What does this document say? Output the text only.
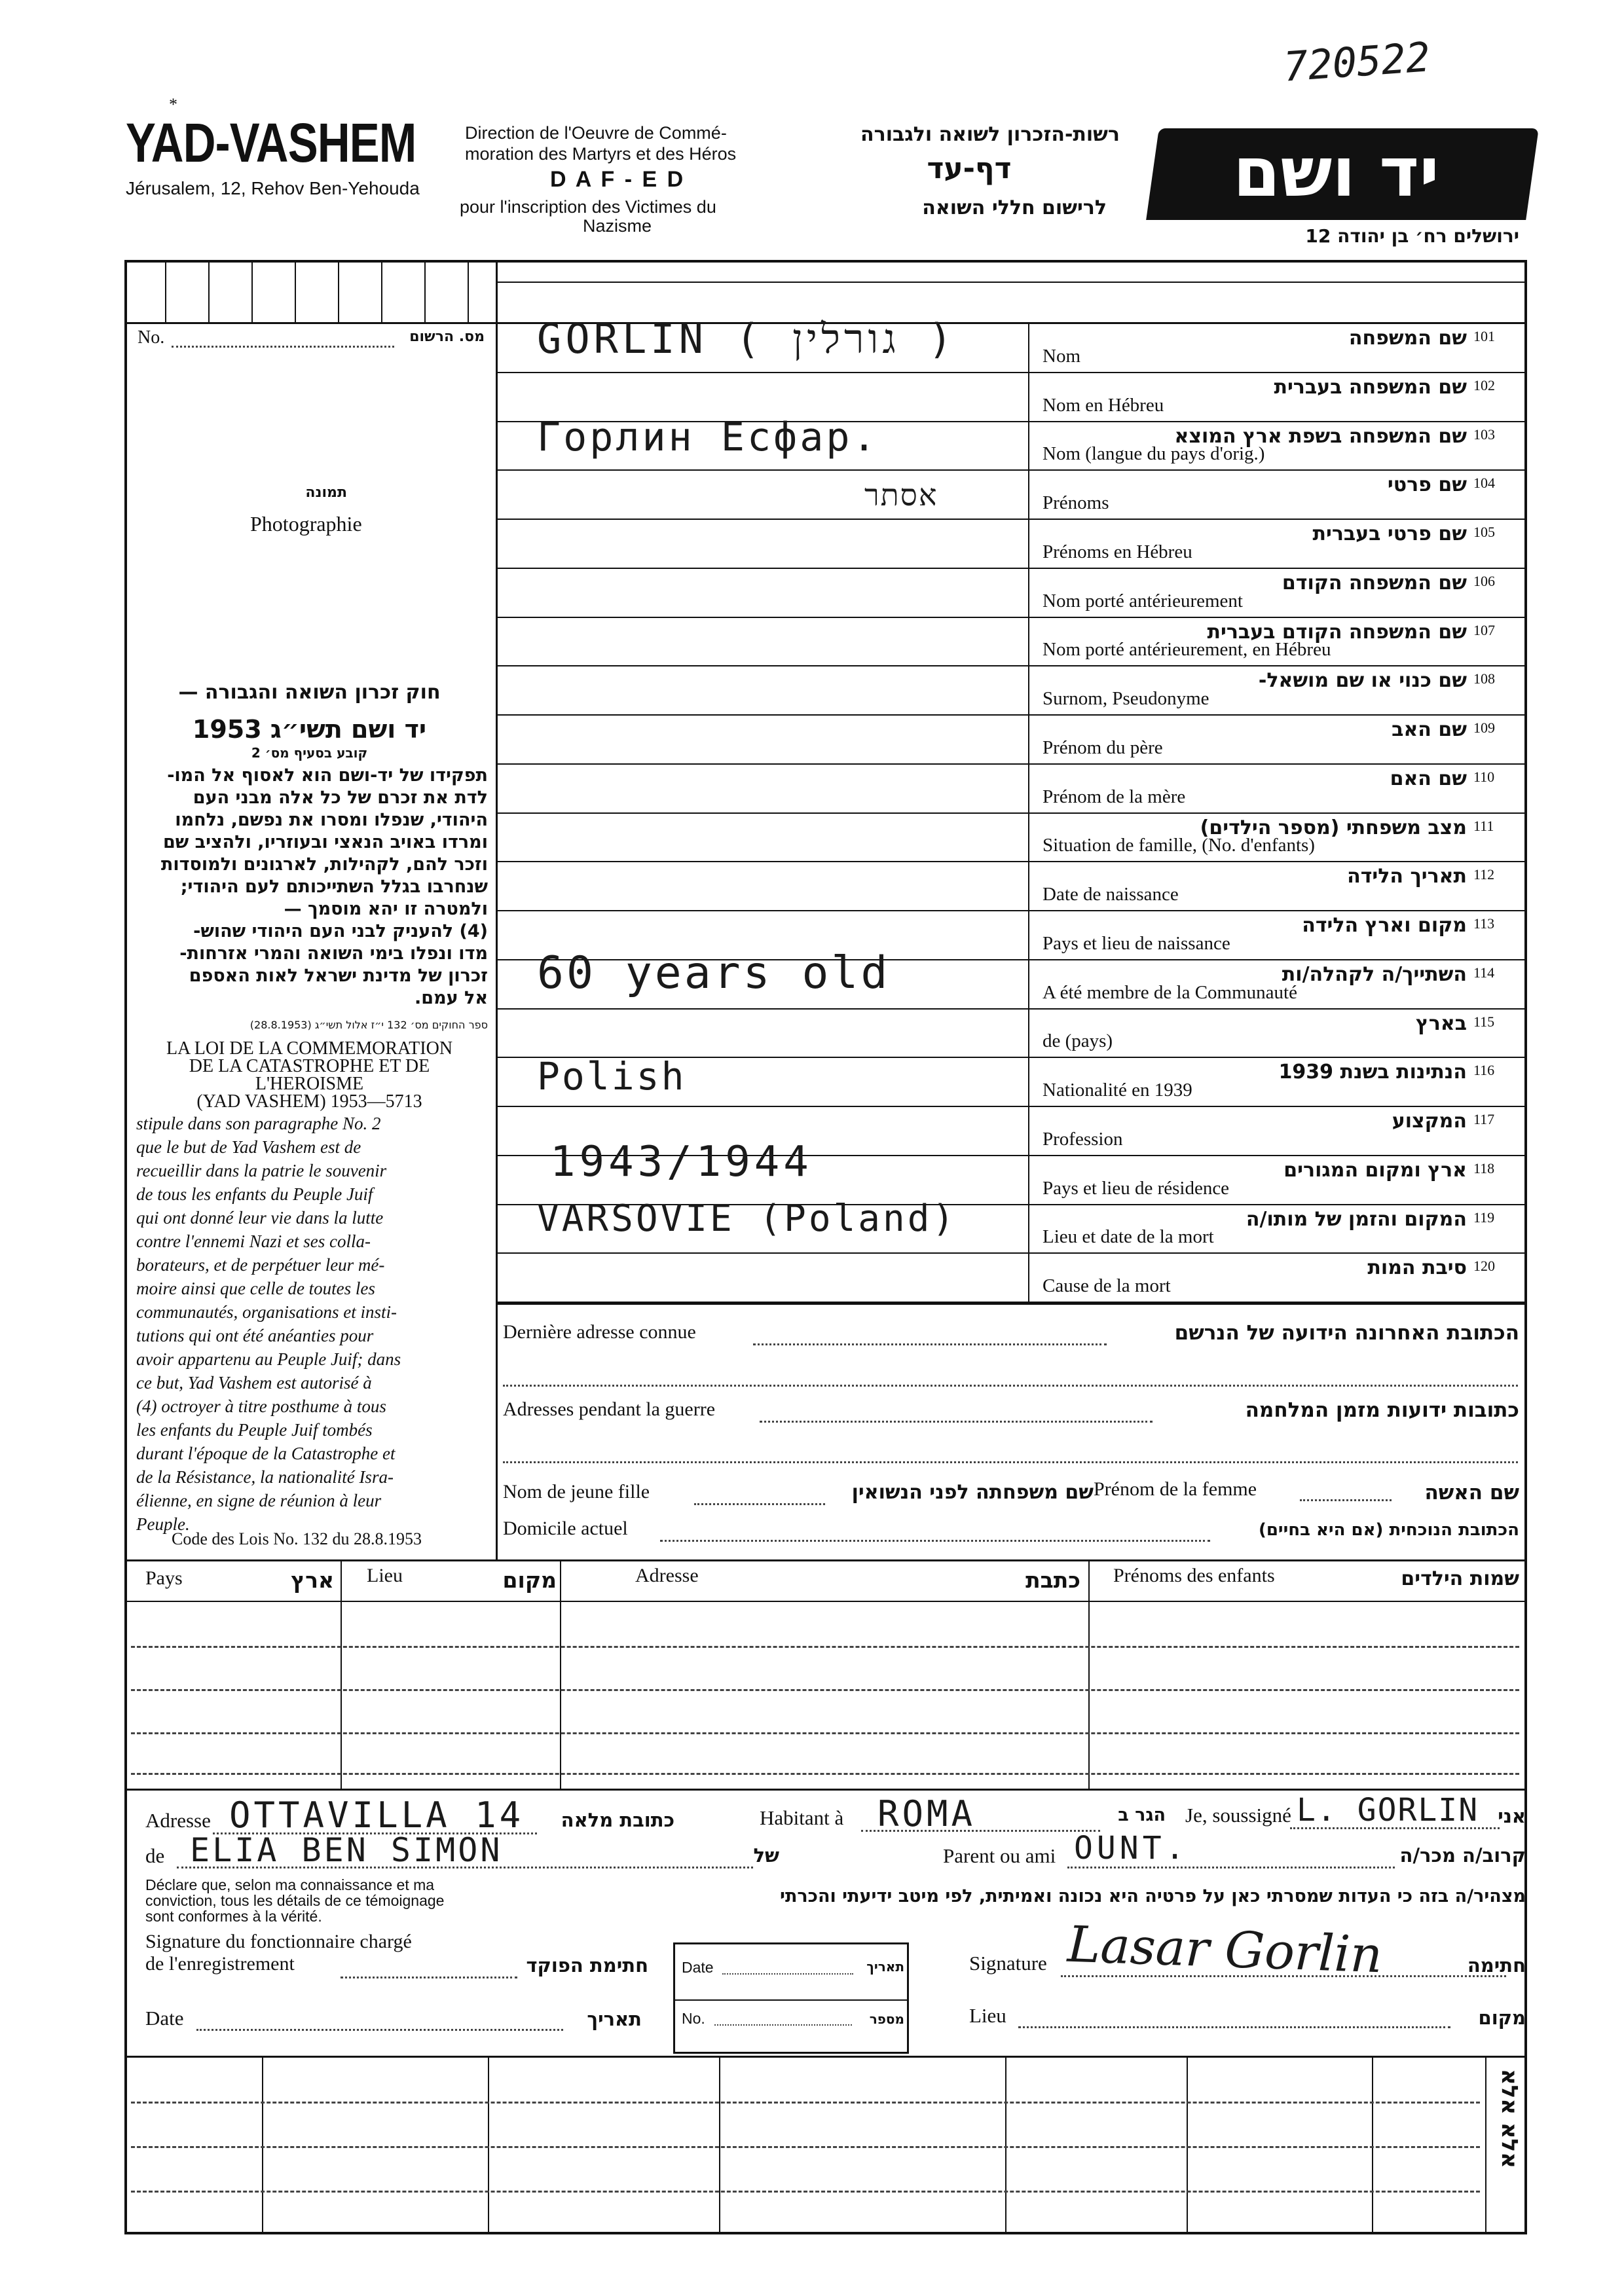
720522
*
YAD-VASHEM
Jérusalem, 12, Rehov Ben-Yehouda
Direction de l'Oeuvre de Commé-
moration des Martyrs et des Héros
D A F - E D
pour l'inscription des Victimes du
Nazisme
רשות-הזכרון לשואה ולגבורה
דף-עד
לרישום חללי השואה	יד ושם
ירושלים רח׳ בן יהודה 12
No.	מס. הרשום
תמונה
Photographie
חוק זכרון השואה והגבורה —
יד ושם תשי״ג 1953
קובע בסעיף מס׳ 2
תפקידו של יד-ושם הוא לאסוף אל המו-
לדת את זכרם של כל אלה מבני העם
היהודי, שנפלו ומסרו את נפשם, נלחמו
ומרדו באויב הנאצי ובעוזריו, ולהציב שם
וזכר להם, לקהילות, לארגונים ולמוסדות
שנחרבו בגלל השתייכותם לעם היהודי;
ולמטרה זו יהא מוסמך —
(4) להעניק לבני העם היהודי שהוש-
מדו ונפלו בימי השואה והמרי אזרחות-
זכרון של מדינת ישראל לאות האספם
אל עמם.
ספר החוקים מס׳ 132 י״ז אלול תשי״ג (28.8.1953)
LA LOI DE LA COMMEMORATION
DE LA CATASTROPHE ET DE
L'HEROISME
(YAD VASHEM) 1953—5713
stipule dans son paragraphe No. 2
que le but de Yad Vashem est de
recueillir dans la patrie le souvenir
de tous les enfants du Peuple Juif
qui ont donné leur vie dans la lutte
contre l'ennemi Nazi et ses colla-
borateurs, et de perpétuer leur mé-
moire ainsi que celle de toutes les
communautés, organisations et insti-
tutions qui ont été anéanties pour
avoir appartenu au Peuple Juif; dans
ce but, Yad Vashem est autorisé à
(4) octroyer à titre posthume à tous
les enfants du Peuple Juif tombés
durant l'époque de la Catastrophe et
de la Résistance, la nationalité Isra-
élienne, en signe de réunion à leur
Peuple.
Code des Lois No. 132 du 28.8.1953
101
שם המשפחה
Nom
GORLIN ( גורלין )
102
שם המשפחה בעברית
Nom en Hébreu
103
שם המשפחה בשפת ארץ המוצא
Nom (langue du pays d'orig.)
Горлин Есфар.
104
שם פרטי
Prénoms
אסתר
105
שם פרטי בעברית
Prénoms en Hébreu
106
שם המשפחה הקודם
Nom porté antérieurement
107
שם המשפחה הקודם בעברית
Nom porté antérieurement, en Hébreu
108
שם כנוי או שם מושאל-
Surnom, Pseudonyme
109
שם האב
Prénom du père
110
שם האם
Prénom de la mère
111
מצב משפחתי (מספר הילדים)
Situation de famille, (No. d'enfants)
112
תאריך הלידה
Date de naissance
113
מקום וארץ הלידה
Pays et lieu de naissance
114
השתייך/ה לקהלה/ות
A été membre de la Communauté
60 years old
115
בארץ
de (pays)
116
הנתינות בשנת 1939
Nationalité en 1939
Polish
117
המקצוע
Profession
118
ארץ ומקום המגורים
Pays et lieu de résidence
1943/1944
119
המקום והזמן של מותו/ה
Lieu et date de la mort
VARSOVIE (Poland)
120
סיבת המות
Cause de la mort
Dernière adresse connue	הכתובת האחרונה הידועה של הנרשם
Adresses pendant la guerre	כתובות ידועות מזמן המלחמה
Nom de jeune fille	שם משפחתה לפני הנשואין Prénom de la femme	שם האשה
Domicile actuel	הכתובת הנוכחית (אם היא בחיים)
Pays	ארץ Lieu	מקום	Adresse	כתבת Prénoms des enfants	שמות הילדים
Adresse OTTAVILLA 14	כתובת מלאה	Habitant à ROMA	הגר ב Je, soussigné L. GORLIN אני
de ELIA BEN SIMON	של	Parent ou ami OUNT.	קרוב/ה מכר/ה
Déclare que, selon ma connaissance et ma
conviction, tous les détails de ce témoignage
sont conformes à la vérité.
מצהיר/ה בזה כי העדות שמסרתי כאן על פרטיה היא נכונה ואמיתית, לפי מיטב ידיעתי והכרתי
Signature du fonctionnaire chargé
de l'enregistrement	חתימת הפוקד Date	תאריך
No.	מספר
Signature Lasar Gorlin	חתימה
Date	תאריך	Lieu	מקום
אלא אלא
